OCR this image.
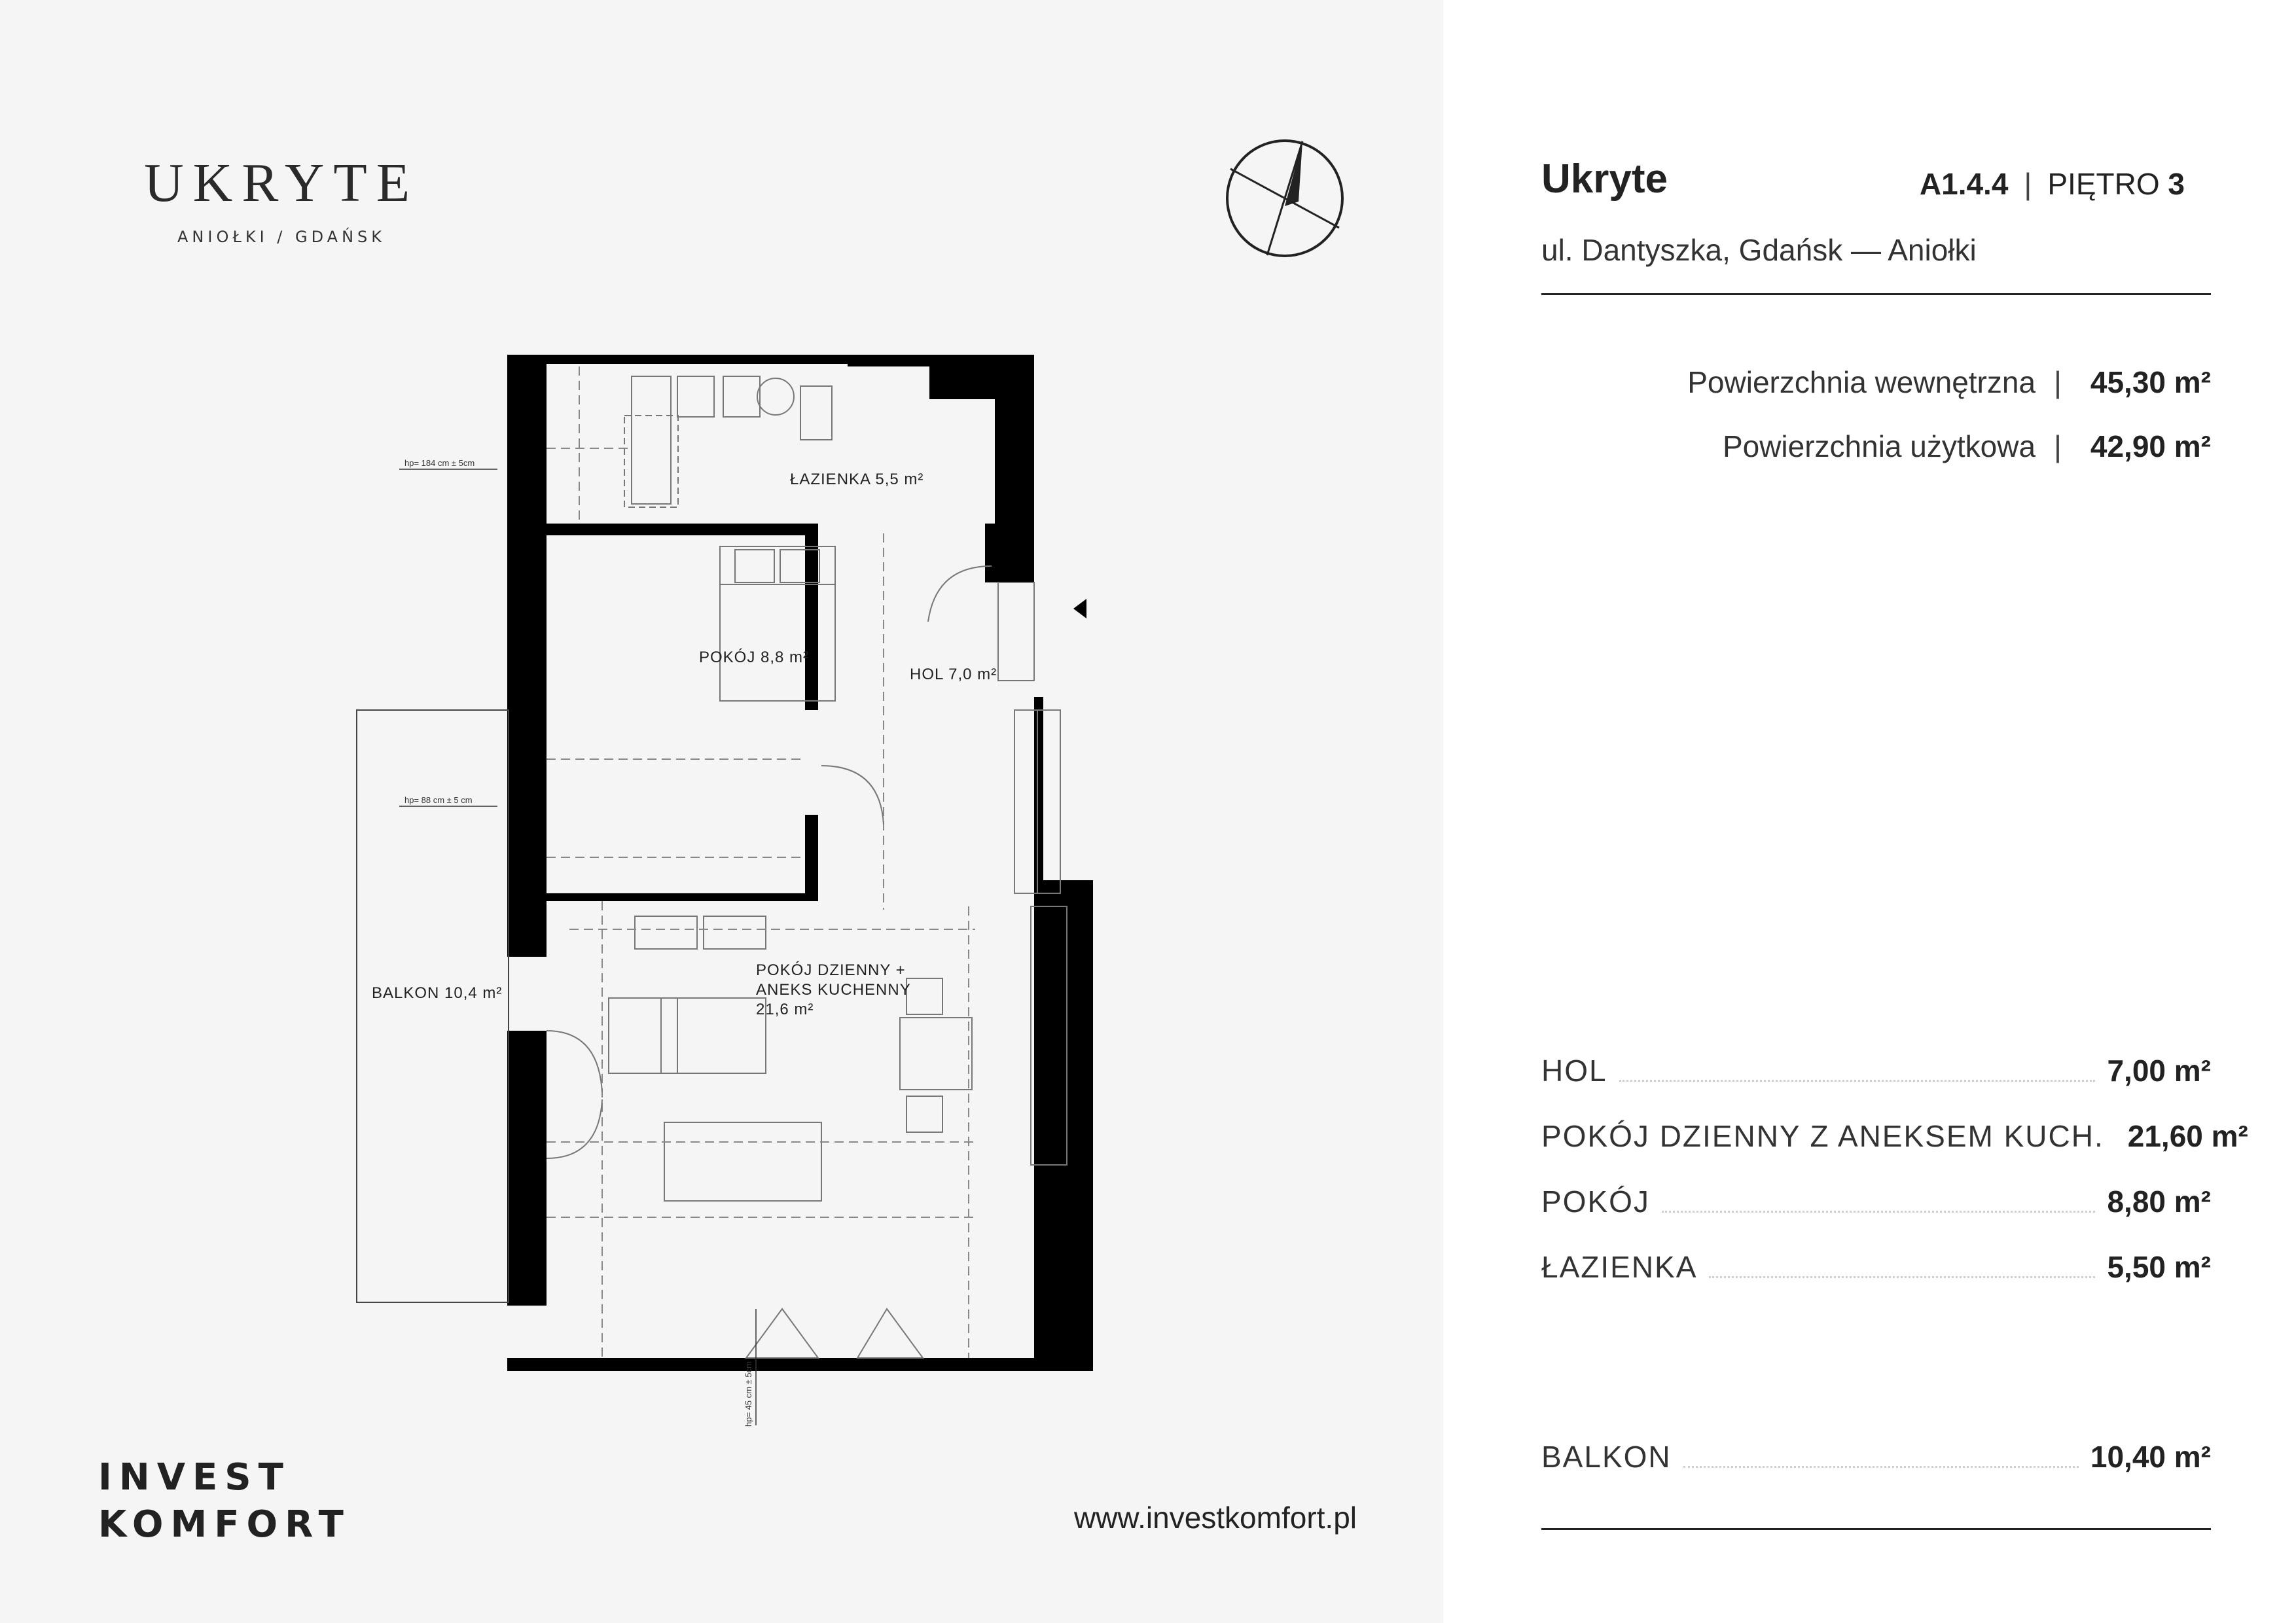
UKRYTE
ANIOŁKI / GDAŃSK
ŁAZIENKA 5,5 m²
POKÓJ 8,8 m²
HOL 7,0 m²
POKÓJ DZIENNY +
ANEKS KUCHENNY
21,6 m²
BALKON 10,4 m²
hp= 184 cm ± 5cm
hp= 88 cm ± 5 cm
hp= 45 cm ± 5cm
INVEST
KOMFORT	www.investkomfort.pl
Ukryte	A1.4.4 | PIĘTRO 3
ul. Dantyszka, Gdańsk — Aniołki
Powierzchnia wewnętrzna | 45,30 m²
Powierzchnia użytkowa | 42,90 m²
HOL	7,00 m²
POKÓJ DZIENNY Z ANEKSEM KUCH. 21,60 m²
POKÓJ	8,80 m²
ŁAZIENKA	5,50 m²
BALKON	10,40 m²
